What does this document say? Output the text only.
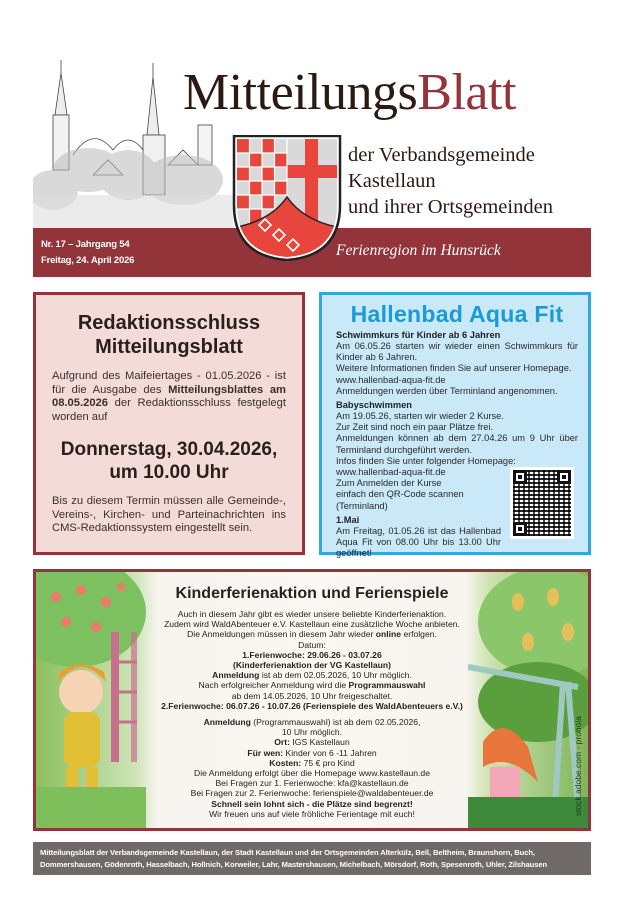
MitteilungsBlatt
der Verbandsgemeinde
Kastellaun
und ihrer Ortsgemeinden
Nr. 17 – Jahrgang 54
Freitag, 24. April 2026
Ferienregion im Hunsrück
Redaktionsschluss
Mitteilungsblatt

Aufgrund des Maifeiertages - 01.05.2026 - ist für die Ausgabe des Mitteilungsblattes am 08.05.2026 der Redaktionsschluss festgelegt worden auf

Donnerstag, 30.04.2026,
um 10.00 Uhr

Bis zu diesem Termin müssen alle Gemeinde-, Vereins-, Kirchen- und Parteinachrichten ins CMS-Redaktionssystem eingestellt sein.

Hallenbad Aqua Fit
Schwimmkurs für Kinder ab 6 Jahren
Am 06.05.26 starten wir wieder einen Schwimmkurs für Kinder ab 6 Jahren.
Weitere Informationen finden Sie auf unserer Homepage.
www.hallenbad-aqua-fit.de
Anmeldungen werden über Terminland angenommen.
Babyschwimmen
Am 19.05.26, starten wir wieder 2 Kurse.
Zur Zeit sind noch ein paar Plätze frei.
Anmeldungen können ab dem 27.04.26 um 9 Uhr über Terminland durchgeführt werden.
Infos finden Sie unter folgender Homepage:
www.hallenbad-aqua-fit.de
Zum Anmelden der Kurse
einfach den QR-Code scannen
(Terminland)
1.Mai
Am Freitag, 01.05.26 ist das Hallenbad Aqua Fit von 08.00 Uhr bis 13.00 Uhr geöffnet!
Kinderferienaktion und Ferienspiele
Auch in diesem Jahr gibt es wieder unsere beliebte Kinderferienaktion.
Zudem wird WaldAbenteuer e.V. Kastellaun eine zusätzliche Woche anbieten.
Die Anmeldungen müssen in diesem Jahr wieder online erfolgen.
Datum:
1.Ferienwoche: 29.06.26 - 03.07.26
(Kinderferienaktion der VG Kastellaun)
Anmeldung ist ab dem 02.05.2026, 10 Uhr möglich.
Nach erfolgreicher Anmeldung wird die Programmauswahl
ab dem 14.05.2026, 10 Uhr freigeschaltet.
2.Ferienwoche: 06.07.26 - 10.07.26 (Ferienspiele des WaldAbenteuers e.V.)
Anmeldung (Programmauswahl) ist ab dem 02.05.2026,
10 Uhr möglich.
Ort: IGS Kastellaun
Für wen: Kinder von 6 -11 Jahren
Kosten: 75 € pro Kind
Die Anmeldung erfolgt über die Homepage www.kastellaun.de
Bei Fragen zur 1. Ferienwoche: kfa@kastellaun.de
Bei Fragen zur 2. Ferienwoche: ferienspiele@waldabenteuer.de
Schnell sein lohnt sich - die Plätze sind begrenzt!
Wir freuen uns auf viele fröhliche Ferientage mit euch!	stock.adobe.com - pronoia
Mitteilungsblatt der Verbandsgemeinde Kastellaun, der Stadt Kastellaun und der Ortsgemeinden Alterkülz, Bell, Beltheim, Braunshorn, Buch,
Dommershausen, Gödenroth, Hasselbach, Hollnich, Korweiler, Lahr, Mastershausen, Michelbach, Mörsdorf, Roth, Spesenroth, Uhler, Zilshausen
